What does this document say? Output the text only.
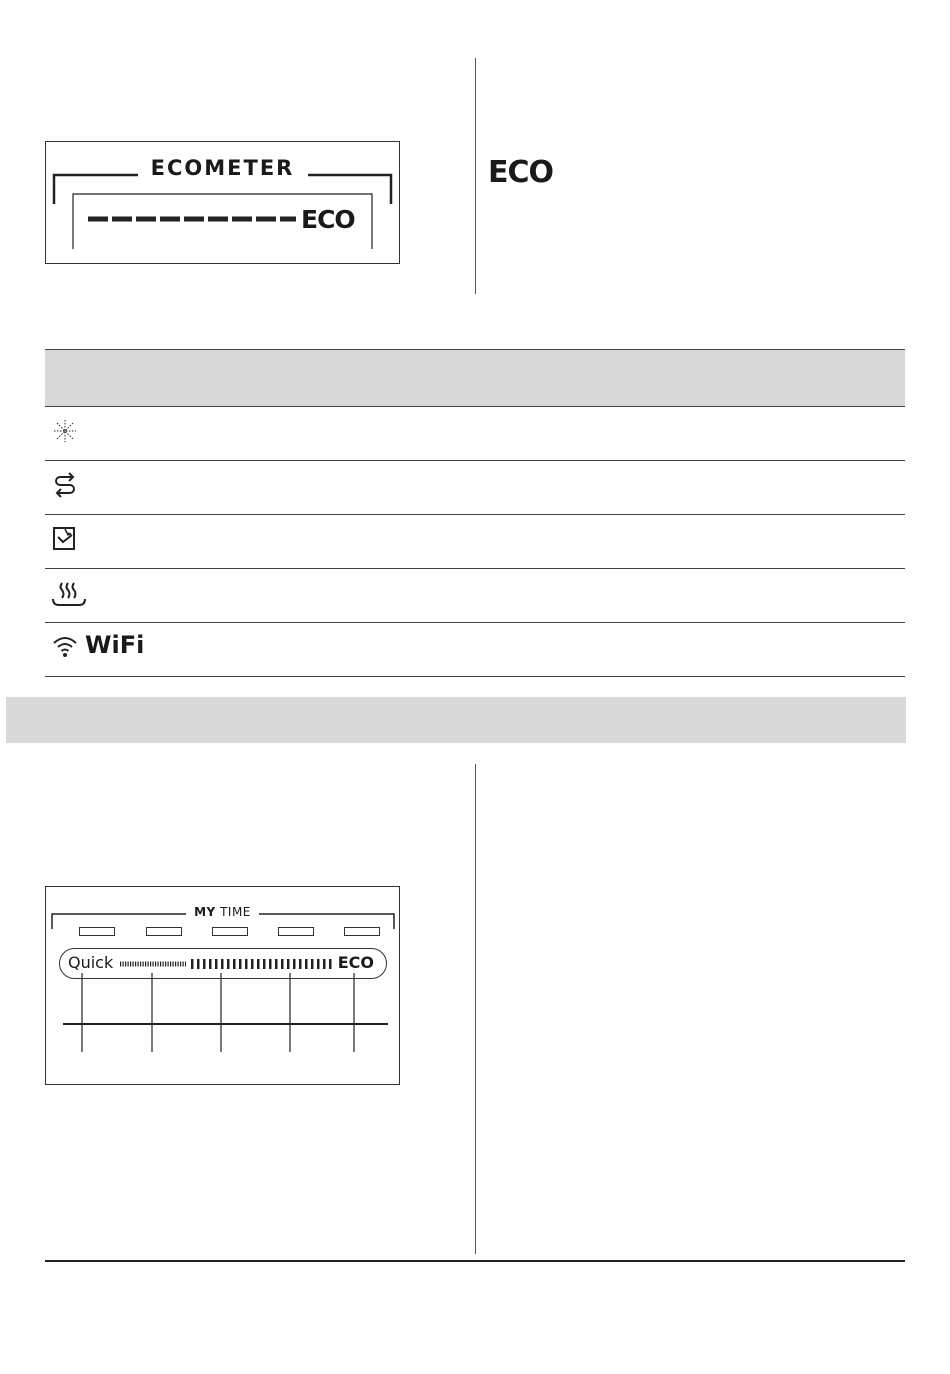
ECOMETER
ECO
ECO
WiFi
MY TIME
Quick	ECO
